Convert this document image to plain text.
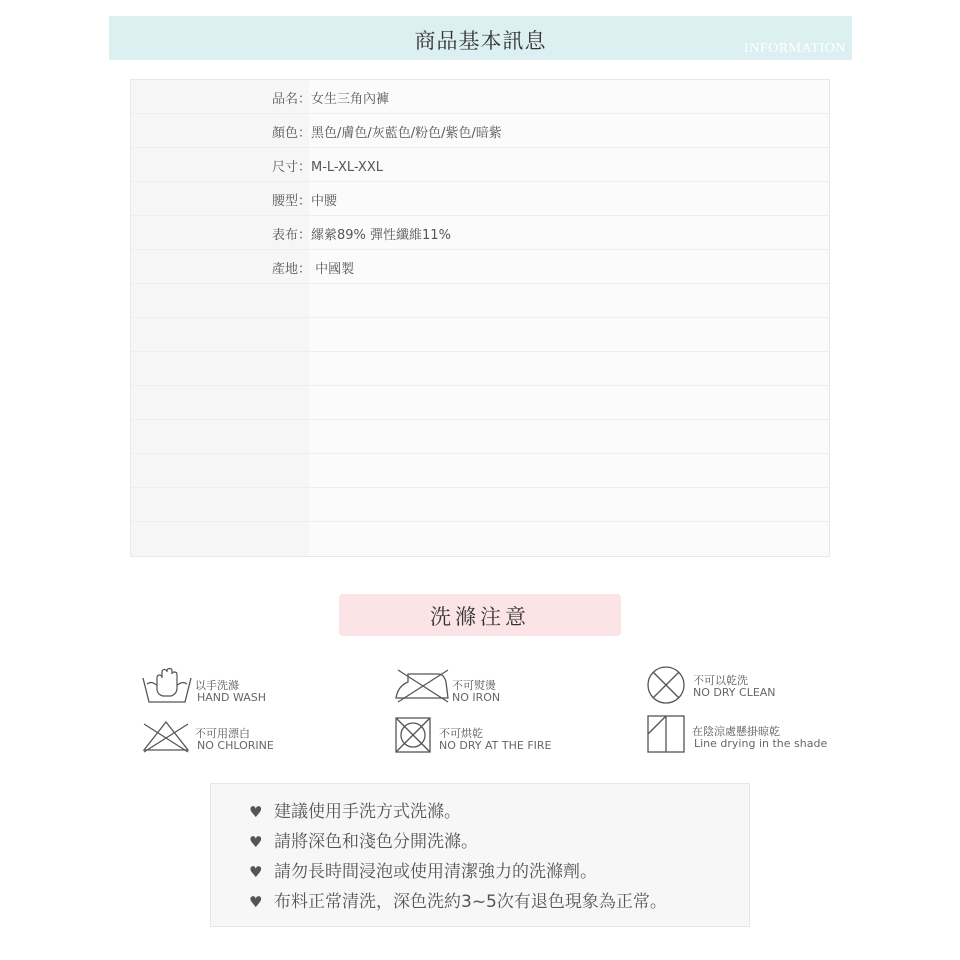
商品基本訊息	INFORMATION
品名：女生三角內褲
顏色：黑色/膚色/灰藍色/粉色/紫色/暗紫
尺寸：M-L-XL-XXL
腰型：中腰
表布：縲縈89% 彈性纖維11%
產地： 中國製
洗滌注意
以手洗滌
HAND WASH
不可熨燙
NO IRON
不可以乾洗
NO DRY CLEAN
不可用漂白
NO CHLORINE
不可烘乾
NO DRY AT THE FIRE
在陰涼處懸掛晾乾
Line drying in the shade
♥ 建議使用手洗方式洗滌。
♥ 請將深色和淺色分開洗滌。
♥ 請勿長時間浸泡或使用清潔強力的洗滌劑。
♥ 布料正常清洗，深色洗約3~5次有退色現象為正常。
